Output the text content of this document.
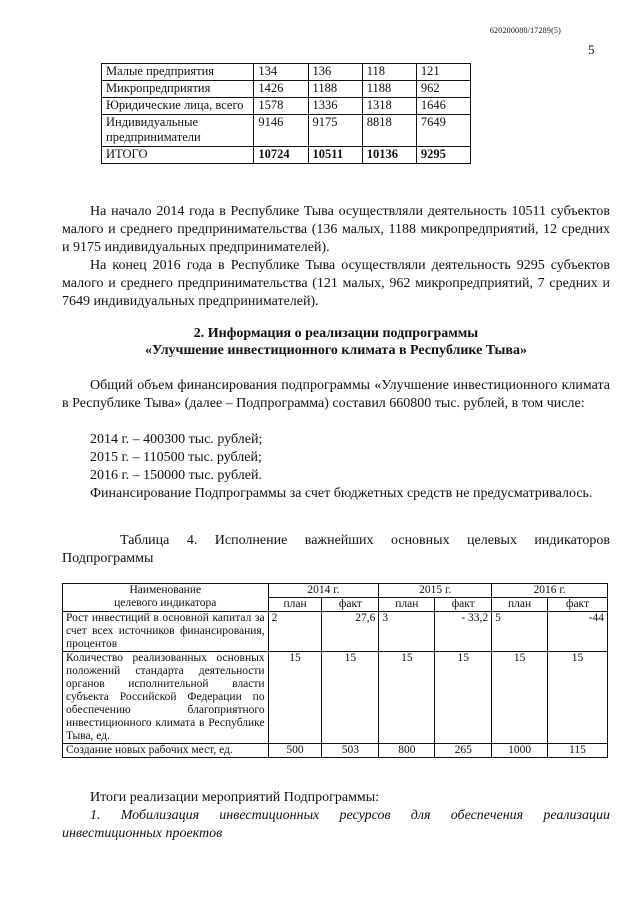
620200080/17289(5)
5
Малые предприятия	134	136	118	121
Микропредприятия	1426	1188	1188	962
Юридические лица, всего	1578	1336	1318	1646
Индивидуальные предприниматели	9146	9175	8818	7649
ИТОГО	10724	10511	10136	9295

На начало 2014 года в Республике Тыва осуществляли деятельность 10511 субъектов малого и среднего предпринимательства (136 малых, 1188 микропредприятий, 12 средних и 9175 индивидуальных предпринимателей).

На конец 2016 года в Республике Тыва осуществляли деятельность 9295 субъектов малого и среднего предпринимательства (121 малых, 962 микропредприятий, 7 средних и 7649 индивидуальных предпринимателей).

2. Информация о реализации подпрограммы

«Улучшение инвестиционного климата в Республике Тыва»

Общий объем финансирования подпрограммы «Улучшение инвестиционного климата в Республике Тыва» (далее – Подпрограмма) составил 660800 тыс. рублей, в том числе:

2014 г. – 400300 тыс. рублей;

2015 г. – 110500 тыс. рублей;

2016 г. – 150000 тыс. рублей.

Финансирование Подпрограммы за счет бюджетных средств не предусматривалось.

Таблица 4. Исполнение важнейших основных целевых индикаторов Подпрограммы

Наименование
целевого индикатора	2014 г.		2015 г.		2016 г.	
	план	факт	план	факт	план	факт
Рост инвестиций в основной капитал за счет всех источников финансирования, процентов	2	27,6	3	- 33,2	5	-44
Количество реализованных основных положений стандарта деятельности органов исполнительной власти субъекта Российской Федерации по обеспечению благоприятного инвестиционного климата в Республике Тыва, ед.	15	15	15	15	15	15
Создание новых рабочих мест, ед.	500	503	800	265	1000	115

Итоги реализации мероприятий Подпрограммы:

1. Мобилизация инвестиционных ресурсов для обеспечения реализации инвестиционных проектов
